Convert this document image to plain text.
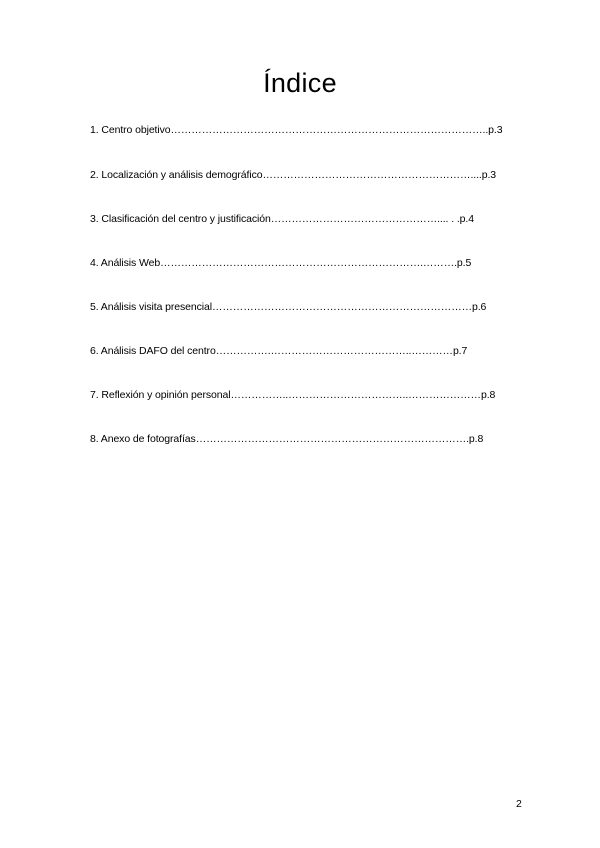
Índice
1. Centro objetivo………………………………………………………………………………..p.3
2. Localización y análisis demográfico……………………………………………………....p.3
3. Clasificación del centro y justificación………………………………………….... . .p.4
4. Análisis Web………………………………………………………………….……….p.5
5. Análisis visita presencial…………………………………………………………………p.6
6. Análisis DAFO del centro…………….…………………………………..…………p.7
7. Reflexión y opinión personal……………..……………………………..…………………p.8
8. Anexo de fotografías…………………………………………………………………….p.8
2
